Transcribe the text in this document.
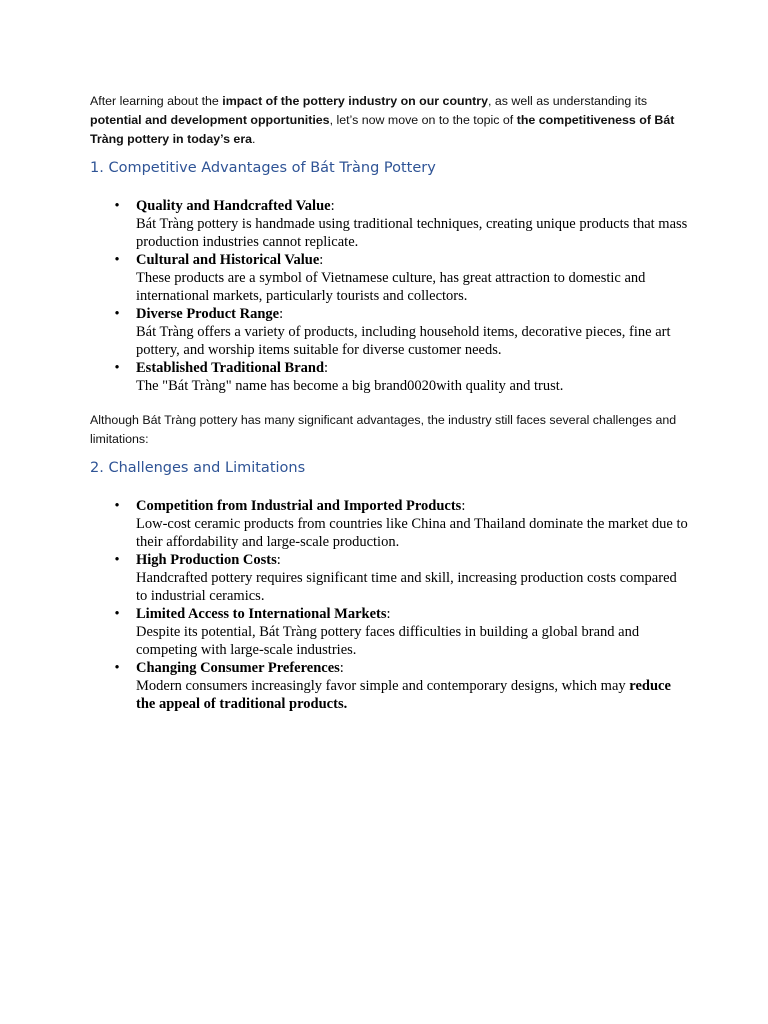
After learning about the impact of the pottery industry on our country, as well as understanding its potential and development opportunities, let’s now move on to the topic of the competitiveness of Bát Tràng pottery in today’s era.

1. Competitive Advantages of Bát Tràng Pottery
•	Quality and Handcrafted Value:
Bát Tràng pottery is handmade using traditional techniques, creating unique products that mass production industries cannot replicate.
•	Cultural and Historical Value:
These products are a symbol of Vietnamese culture, has great attraction to domestic and international markets, particularly tourists and collectors.
•	Diverse Product Range:
Bát Tràng offers a variety of products, including household items, decorative pieces, fine art pottery, and worship items suitable for diverse customer needs.
•	Established Traditional Brand:
The "Bát Tràng" name has become a big brand0020with quality and trust.

Although Bát Tràng pottery has many significant advantages, the industry still faces several challenges and limitations:

2. Challenges and Limitations
•	Competition from Industrial and Imported Products:
Low-cost ceramic products from countries like China and Thailand dominate the market due to their affordability and large-scale production.
•	High Production Costs:
Handcrafted pottery requires significant time and skill, increasing production costs compared to industrial ceramics.
•	Limited Access to International Markets:
Despite its potential, Bát Tràng pottery faces difficulties in building a global brand and competing with large-scale industries.
•	Changing Consumer Preferences:
Modern consumers increasingly favor simple and contemporary designs, which may reduce the appeal of traditional products.
